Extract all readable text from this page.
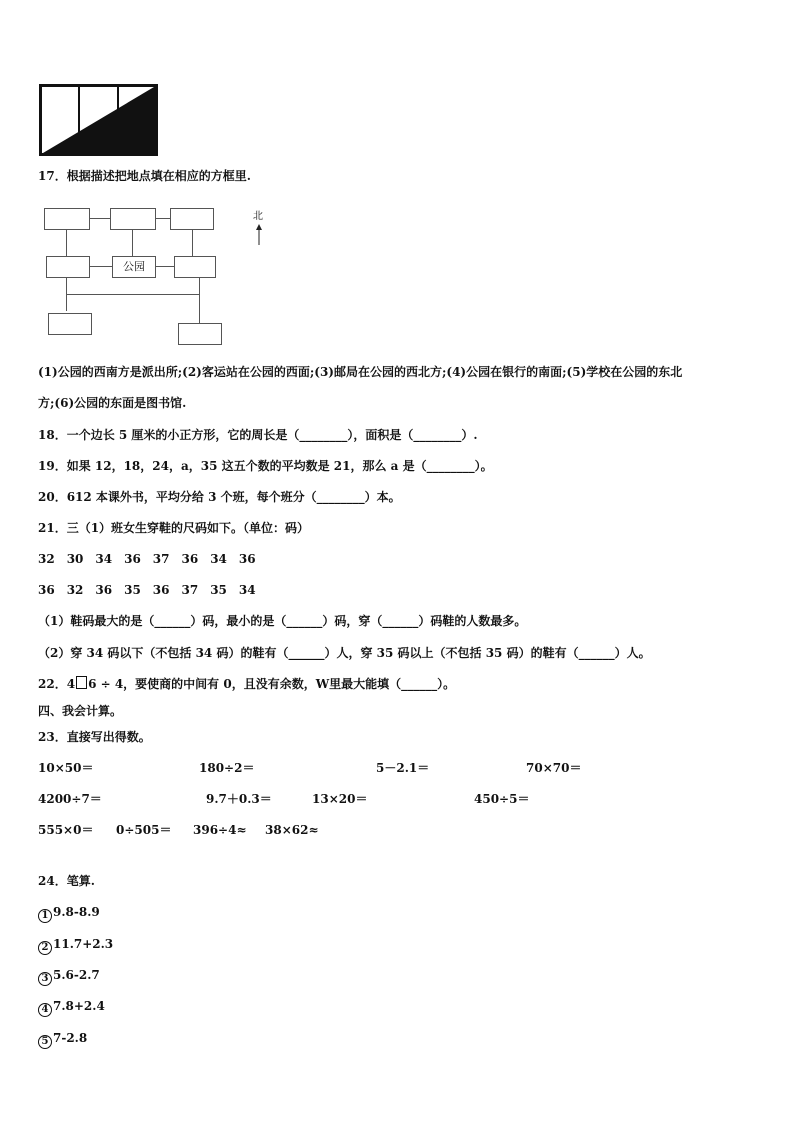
17．根据描述把地点填在相应的方框里.
公园
北
(1)公园的西南方是派出所;(2)客运站在公园的西面;(3)邮局在公园的西北方;(4)公园在银行的南面;(5)学校在公园的东北
方;(6)公园的东面是图书馆.
18．一个边长 5 厘米的小正方形，它的周长是（________），面积是（________）.
19．如果 12，18，24，a，35 这五个数的平均数是 21，那么 a 是（________）。
20．612 本课外书，平均分给 3 个班，每个班分（________）本。
21．三（1）班女生穿鞋的尺码如下。（单位：码）
32　30　34　36　37　36　34　36
36　32　36　35　36　37　35　34
（1）鞋码最大的是（______）码，最小的是（______）码，穿（______）码鞋的人数最多。
（2）穿 34 码以下（不包括 34 码）的鞋有（______）人，穿 35 码以上（不包括 35 码）的鞋有（______）人。
22．4 6 ÷ 4，要使商的中间有 0，且没有余数，W里最大能填（______）。
四、我会计算。
23．直接写出得数。
10×50＝	180÷2＝	5－2.1＝	70×70＝
4200÷7＝	9.7＋0.3＝	13×20＝	450÷5＝
555×0＝ 0÷505＝ 396÷4≈ 38×62≈
24．笔算.
1 9.8-8.9
2 11.7+2.3
3 5.6-2.7
4 7.8+2.4
5 7-2.8
